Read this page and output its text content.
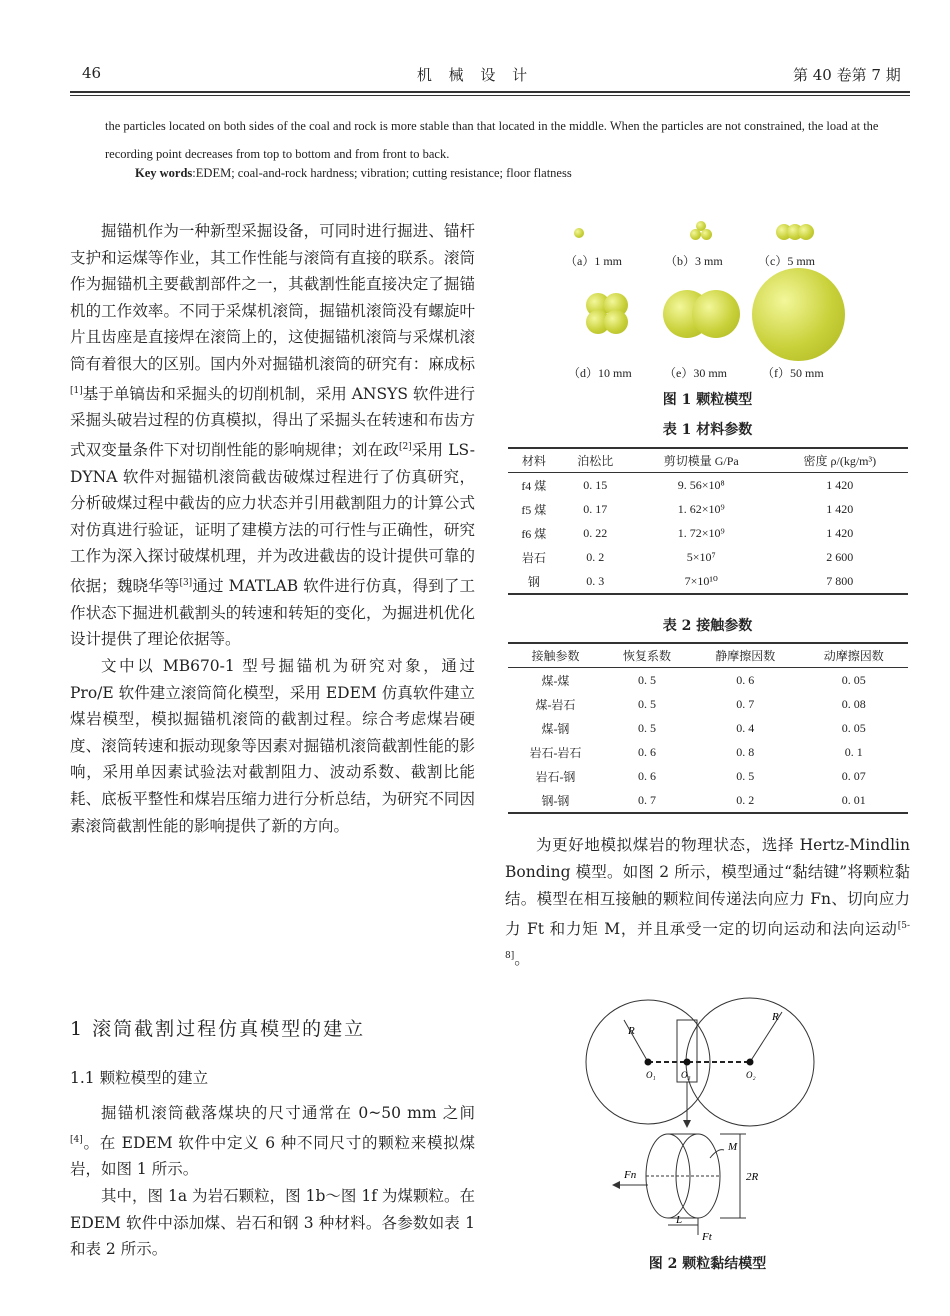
46	机 械 设 计	第 40 卷第 7 期
the particles located on both sides of the coal and rock is more stable than that located in the middle. When the particles are not constrained, the load at the recording point decreases from top to bottom and from front to back.
Key words:EDEM; coal-and-rock hardness; vibration; cutting resistance; floor flatness

掘锚机作为一种新型采掘设备，可同时进行掘进、锚杆支护和运煤等作业，其工作性能与滚筒有直接的联系。滚筒作为掘锚机主要截割部件之一，其截割性能直接决定了掘锚机的工作效率。不同于采煤机滚筒，掘锚机滚筒没有螺旋叶片且齿座是直接焊在滚筒上的，这使掘锚机滚筒与采煤机滚筒有着很大的区别。国内外对掘锚机滚筒的研究有：麻成标[1]基于单镐齿和采掘头的切削机制，采用 ANSYS 软件进行采掘头破岩过程的仿真模拟，得出了采掘头在转速和布齿方式双变量条件下对切削性能的影响规律；刘在政[2]采用 LS-DYNA 软件对掘锚机滚筒截齿破煤过程进行了仿真研究，分析破煤过程中截齿的应力状态并引用截割阻力的计算公式对仿真进行验证，证明了建模方法的可行性与正确性，研究工作为深入探讨破煤机理，并为改进截齿的设计提供可靠的依据；魏晓华等[3]通过 MATLAB 软件进行仿真，得到了工作状态下掘进机截割头的转速和转矩的变化，为掘进机优化设计提供了理论依据等。

文中以 MB670-1 型号掘锚机为研究对象，通过 Pro/E 软件建立滚筒简化模型，采用 EDEM 仿真软件建立煤岩模型，模拟掘锚机滚筒的截割过程。综合考虑煤岩硬度、滚筒转速和振动现象等因素对掘锚机滚筒截割性能的影响，采用单因素试验法对截割阻力、波动系数、截割比能耗、底板平整性和煤岩压缩力进行分析总结，为研究不同因素滚筒截割性能的影响提供了新的方向。

1 滚筒截割过程仿真模型的建立
1.1 颗粒模型的建立

掘锚机滚筒截落煤块的尺寸通常在 0~50 mm 之间[4]。在 EDEM 软件中定义 6 种不同尺寸的颗粒来模拟煤岩，如图 1 所示。

其中，图 1a 为岩石颗粒，图 1b～图 1f 为煤颗粒。在 EDEM 软件中添加煤、岩石和钢 3 种材料。各参数如表 1 和表 2 所示。

（a）1 mm	（b）3 mm	（c）5 mm
（d）10 mm	（e）30 mm	（f）50 mm
图 1 颗粒模型
表 1 材料参数
材料	泊松比	剪切模量 G/Pa	密度 ρ/(kg/m³)
f4 煤	0. 15	9. 56×10⁸	1 420
f5 煤	0. 17	1. 62×10⁹	1 420
f6 煤	0. 22	1. 72×10⁹	1 420
岩石	0. 2	5×10⁷	2 600
钢	0. 3	7×10¹⁰	7 800
表 2 接触参数
接触参数	恢复系数	静摩擦因数	动摩擦因数
煤-煤	0. 5	0. 6	0. 05
煤-岩石	0. 5	0. 7	0. 08
煤-钢	0. 5	0. 4	0. 05
岩石-岩石	0. 6	0. 8	0. 1
岩石-钢	0. 6	0. 5	0. 07
钢-钢	0. 7	0. 2	0. 01

为更好地模拟煤岩的物理状态，选择 Hertz-Mindlin Bonding 模型。如图 2 所示，模型通过“黏结键”将颗粒黏结。模型在相互接触的颗粒间传递法向应力 Fn、切向应力力 Ft 和力矩 M，并且承受一定的切向运动和法向运动[5-8]。

R
R
O₁	O₃	O₂
M
Fn
Ft
L
2R
图 2 颗粒黏结模型
